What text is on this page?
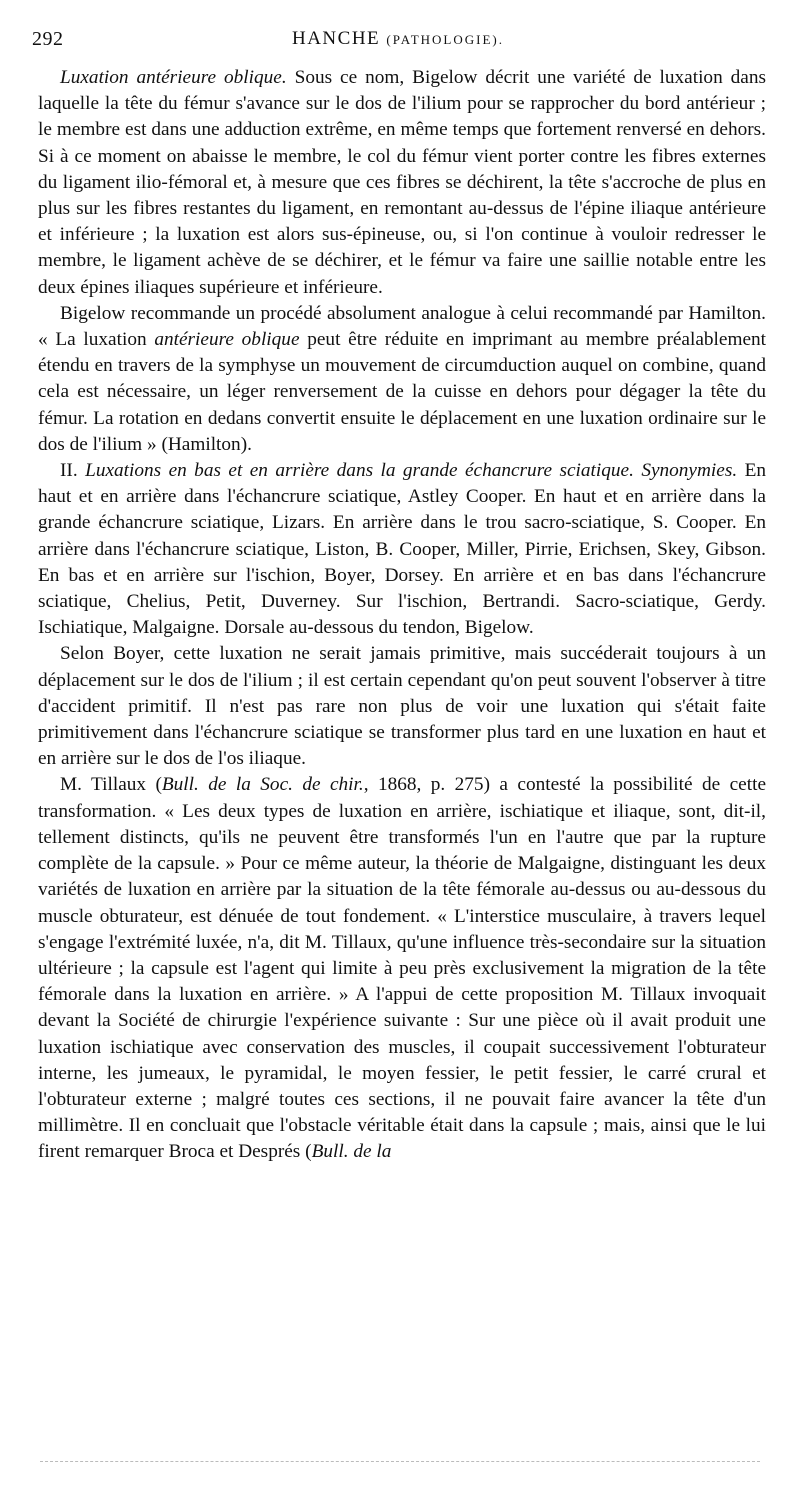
292	HANCHE (PATHOLOGIE).

Luxation antérieure oblique. Sous ce nom, Bigelow décrit une variété de luxation dans laquelle la tête du fémur s'avance sur le dos de l'ilium pour se rapprocher du bord antérieur ; le membre est dans une adduction extrême, en même temps que fortement renversé en dehors. Si à ce moment on abaisse le membre, le col du fémur vient porter contre les fibres externes du ligament ilio-fémoral et, à mesure que ces fibres se déchirent, la tête s'accroche de plus en plus sur les fibres restantes du ligament, en remontant au-dessus de l'épine iliaque antérieure et inférieure ; la luxation est alors sus-épineuse, ou, si l'on continue à vouloir redresser le membre, le ligament achève de se déchirer, et le fémur va faire une saillie notable entre les deux épines iliaques supérieure et inférieure.

Bigelow recommande un procédé absolument analogue à celui recommandé par Hamilton. « La luxation antérieure oblique peut être réduite en imprimant au membre préalablement étendu en travers de la symphyse un mouvement de circumduction auquel on combine, quand cela est nécessaire, un léger renversement de la cuisse en dehors pour dégager la tête du fémur. La rotation en dedans convertit ensuite le déplacement en une luxation ordinaire sur le dos de l'ilium » (Hamilton).

II. Luxations en bas et en arrière dans la grande échancrure sciatique. Synonymies. En haut et en arrière dans l'échancrure sciatique, Astley Cooper. En haut et en arrière dans la grande échancrure sciatique, Lizars. En arrière dans le trou sacro-sciatique, S. Cooper. En arrière dans l'échancrure sciatique, Liston, B. Cooper, Miller, Pirrie, Erichsen, Skey, Gibson. En bas et en arrière sur l'ischion, Boyer, Dorsey. En arrière et en bas dans l'échancrure sciatique, Chelius, Petit, Duverney. Sur l'ischion, Bertrandi. Sacro-sciatique, Gerdy. Ischiatique, Malgaigne. Dorsale au-dessous du tendon, Bigelow.

Selon Boyer, cette luxation ne serait jamais primitive, mais succéderait toujours à un déplacement sur le dos de l'ilium ; il est certain cependant qu'on peut souvent l'observer à titre d'accident primitif. Il n'est pas rare non plus de voir une luxation qui s'était faite primitivement dans l'échancrure sciatique se transformer plus tard en une luxation en haut et en arrière sur le dos de l'os iliaque.

M. Tillaux (Bull. de la Soc. de chir., 1868, p. 275) a contesté la possibilité de cette transformation. « Les deux types de luxation en arrière, ischiatique et iliaque, sont, dit-il, tellement distincts, qu'ils ne peuvent être transformés l'un en l'autre que par la rupture complète de la capsule. » Pour ce même auteur, la théorie de Malgaigne, distinguant les deux variétés de luxation en arrière par la situation de la tête fémorale au-dessus ou au-dessous du muscle obturateur, est dénuée de tout fondement. « L'interstice musculaire, à travers lequel s'engage l'extrémité luxée, n'a, dit M. Tillaux, qu'une influence très-secondaire sur la situation ultérieure ; la capsule est l'agent qui limite à peu près exclusivement la migration de la tête fémorale dans la luxation en arrière. » A l'appui de cette proposition M. Tillaux invoquait devant la Société de chirurgie l'expérience suivante : Sur une pièce où il avait produit une luxation ischiatique avec conservation des muscles, il coupait successivement l'obturateur interne, les jumeaux, le pyramidal, le moyen fessier, le petit fessier, le carré crural et l'obturateur externe ; malgré toutes ces sections, il ne pouvait faire avancer la tête d'un millimètre. Il en concluait que l'obstacle véritable était dans la capsule ; mais, ainsi que le lui firent remarquer Broca et Després (Bull. de la
